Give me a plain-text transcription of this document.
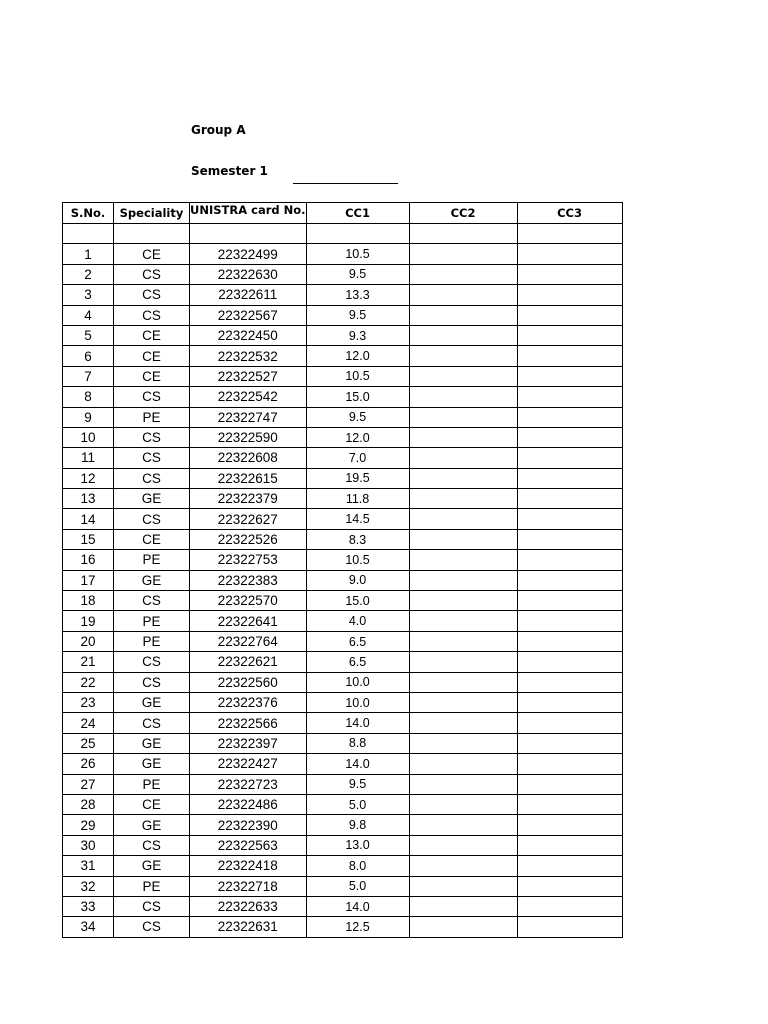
Group A
Semester 1
S.No.	Speciality	UNISTRA card No.	CC1	CC2	CC3

1	CE	22322499	10.5		
2	CS	22322630	9.5		
3	CS	22322611	13.3		
4	CS	22322567	9.5		
5	CE	22322450	9.3		
6	CE	22322532	12.0		
7	CE	22322527	10.5		
8	CS	22322542	15.0		
9	PE	22322747	9.5		
10	CS	22322590	12.0		
11	CS	22322608	7.0		
12	CS	22322615	19.5		
13	GE	22322379	11.8		
14	CS	22322627	14.5		
15	CE	22322526	8.3		
16	PE	22322753	10.5		
17	GE	22322383	9.0		
18	CS	22322570	15.0		
19	PE	22322641	4.0		
20	PE	22322764	6.5		
21	CS	22322621	6.5		
22	CS	22322560	10.0		
23	GE	22322376	10.0		
24	CS	22322566	14.0		
25	GE	22322397	8.8		
26	GE	22322427	14.0		
27	PE	22322723	9.5		
28	CE	22322486	5.0		
29	GE	22322390	9.8		
30	CS	22322563	13.0		
31	GE	22322418	8.0		
32	PE	22322718	5.0		
33	CS	22322633	14.0		
34	CS	22322631	12.5		
